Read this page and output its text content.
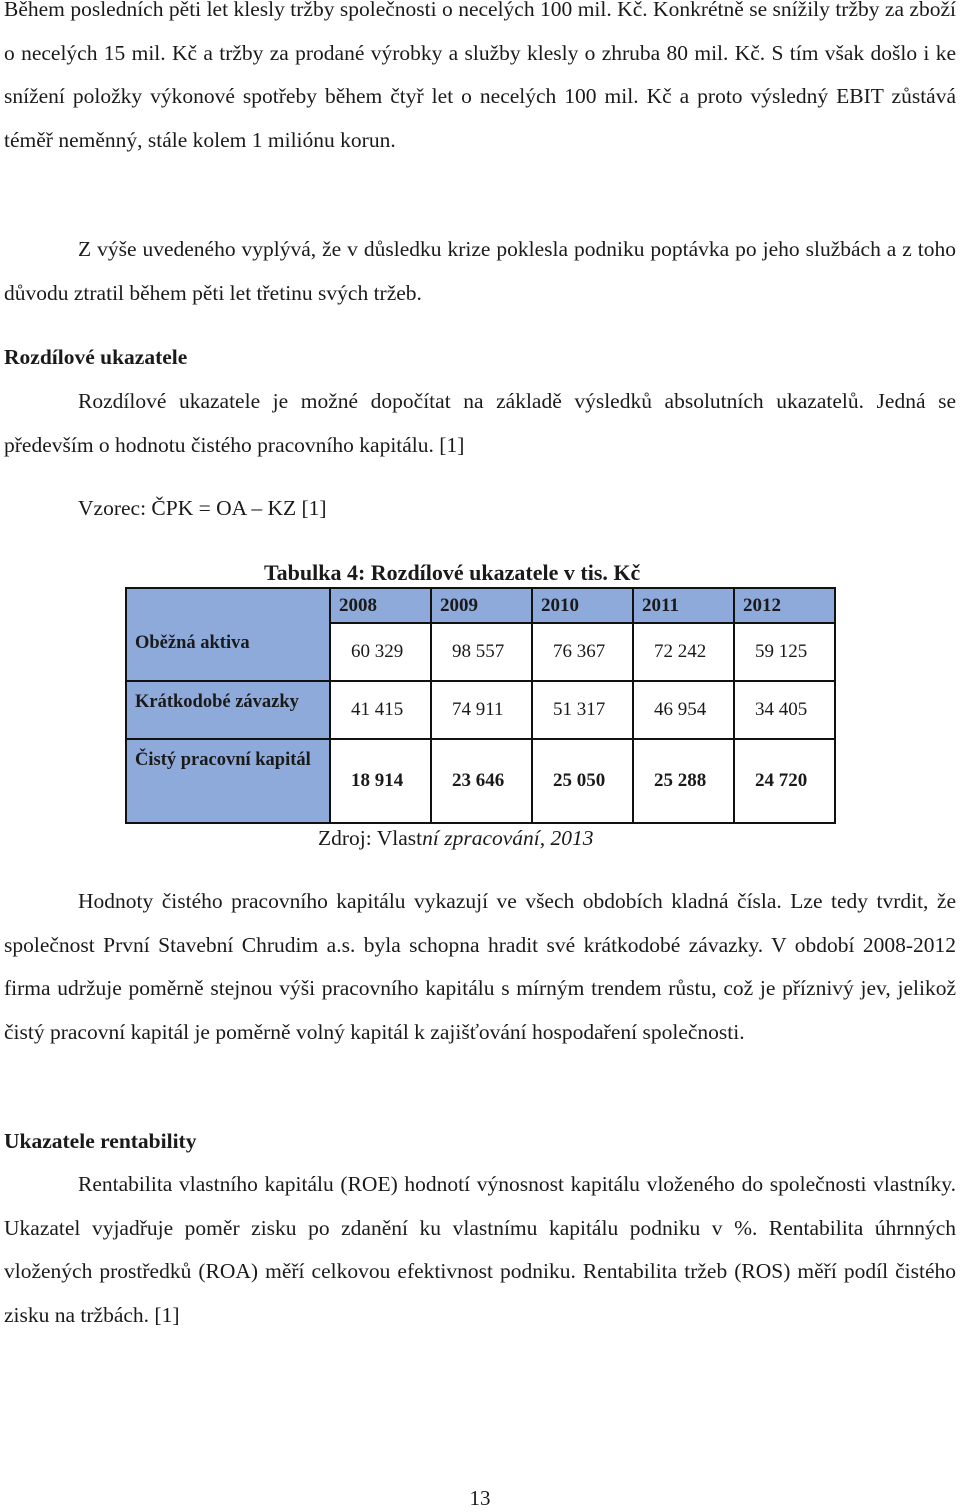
Během posledních pěti let klesly tržby společnosti o necelých 100 mil. Kč. Konkrétně se snížily tržby za zboží o necelých 15 mil. Kč a tržby za prodané výrobky a služby klesly o zhruba 80 mil. Kč. S tím však došlo i ke snížení položky výkonové spotřeby během čtyř let o necelých 100 mil. Kč a proto výsledný EBIT zůstává téměř neměnný, stále kolem 1 miliónu korun.

Z výše uvedeného vyplývá, že v důsledku krize poklesla podniku poptávka po jeho službách a z toho důvodu ztratil během pěti let třetinu svých tržeb.

Rozdílové ukazatele

Rozdílové ukazatele je možné dopočítat na základě výsledků absolutních ukazatelů. Jedná se především o hodnotu čistého pracovního kapitálu. [1]

Vzorec: ČPK = OA – KZ [1]

Tabulka 4: Rozdílové ukazatele v tis. Kč

	2008	2009	2010	2011	2012
Oběžná aktiva	60 329	98 557	76 367	72 242	59 125
Krátkodobé závazky	41 415	74 911	51 317	46 954	34 405
Čistý pracovní kapitál	18 914	23 646	25 050	25 288	24 720

Zdroj: Vlastní zpracování, 2013

Hodnoty čistého pracovního kapitálu vykazují ve všech obdobích kladná čísla. Lze tedy tvrdit, že společnost První Stavební Chrudim a.s. byla schopna hradit své krátkodobé závazky. V období 2008-2012 firma udržuje poměrně stejnou výši pracovního kapitálu s mírným trendem růstu, což je příznivý jev, jelikož čistý pracovní kapitál je poměrně volný kapitál k zajišťování hospodaření společnosti.

Ukazatele rentability

Rentabilita vlastního kapitálu (ROE) hodnotí výnosnost kapitálu vloženého do společnosti vlastníky. Ukazatel vyjadřuje poměr zisku po zdanění ku vlastnímu kapitálu podniku v %. Rentabilita úhrnných vložených prostředků (ROA) měří celkovou efektivnost podniku. Rentabilita tržeb (ROS) měří podíl čistého zisku na tržbách. [1]

13
